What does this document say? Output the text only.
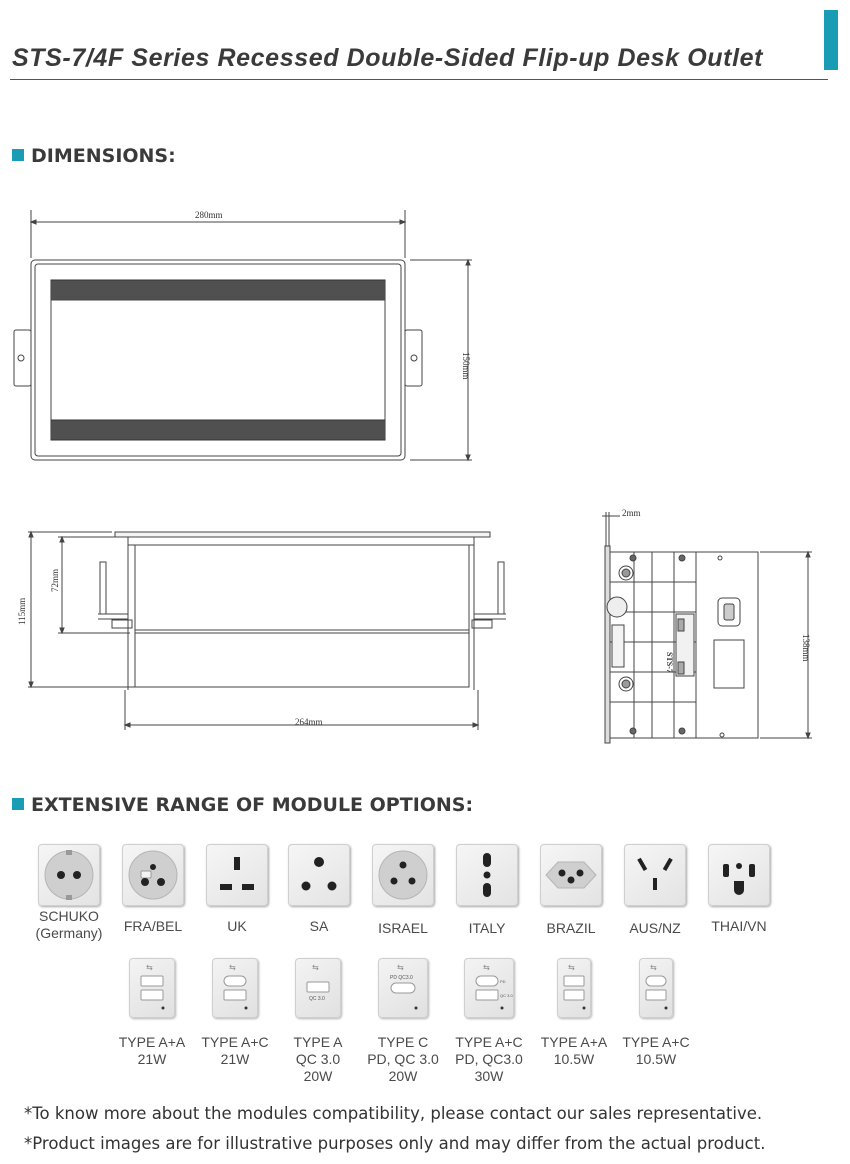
STS-7/4F Series Recessed Double-Sided Flip-up Desk Outlet
DIMENSIONS:
280mm
150mm
115mm
72mm
264mm
2mm
138mm
STS-7
EXTENSIVE RANGE OF MODULE OPTIONS:
SCHUKO
(Germany)	FRA/BEL	UK	SA	ISRAEL	ITALY	BRAZIL	AUS/NZ	THAI/VN
⇆
TYPE A+A
21W
⇆
TYPE A+C
21W
⇆
QC 3.0
TYPE A
QC 3.0
20W
⇆
PD QC3.0
TYPE C
PD, QC 3.0
20W
⇆
PD
QC 3.0
TYPE A+C
PD, QC3.0
30W
⇆
TYPE A+A
10.5W
⇆
TYPE A+C
10.5W
*To know more about the modules compatibility, please contact our sales representative.
*Product images are for illustrative purposes only and may differ from the actual product.
